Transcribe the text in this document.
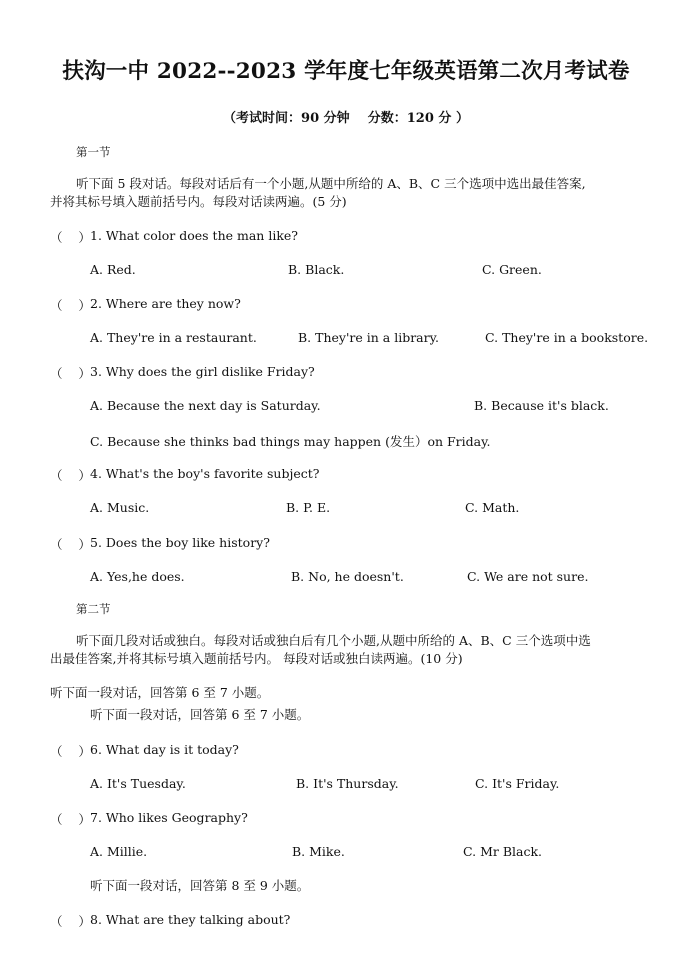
扶沟一中 2022--2023 学年度七年级英语第二次月考试卷
（考试时间：90 分钟    分数：120 分 ）
第一节
听下面 5 段对话。每段对话后有一个小题,从题中所给的 A、B、C 三个选项中选出最佳答案,
并将其标号填入题前括号内。每段对话读两遍。(5 分)
（    ） 1. What color does the man like?
A. Red.	B. Black.	C. Green.
（    ） 2. Where are they now?
A. They're in a restaurant.	B. They're in a library.	C. They're in a bookstore.
（    ） 3. Why does the girl dislike Friday?
A. Because the next day is Saturday.	B. Because it's black.
C. Because she thinks bad things may happen (发生）on Friday.
（    ） 4. What's the boy's favorite subject?
A. Music.	B. P. E.	C. Math.
（    ） 5. Does the boy like history?
A. Yes,he does.	B. No, he doesn't.	C. We are not sure.
第二节
听下面几段对话或独白。每段对话或独白后有几个小题,从题中所给的 A、B、C 三个选项中选
出最佳答案,并将其标号填入题前括号内。 每段对话或独白读两遍。(10 分)
听下面一段对话，回答第 6 至 7 小题。
听下面一段对话，回答第 6 至 7 小题。
（    ） 6. What day is it today?
A. It's Tuesday.	B. It's Thursday.	C. It's Friday.
（    ） 7. Who likes Geography?
A. Millie.	B. Mike.	C. Mr Black.
听下面一段对话，回答第 8 至 9 小题。
（    ） 8. What are they talking about?
